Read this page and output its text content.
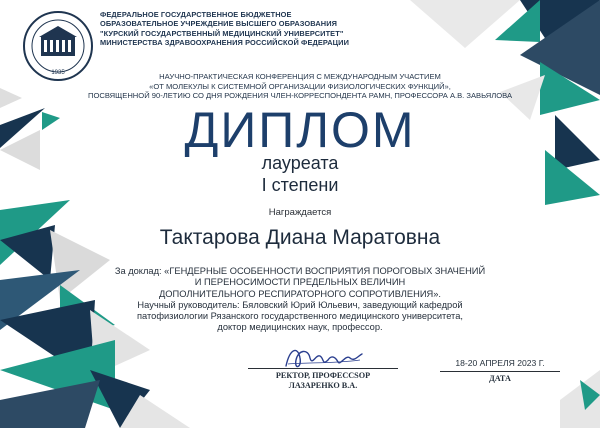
1935
ФЕДЕРАЛЬНОЕ ГОСУДАРСТВЕННОЕ БЮДЖЕТНОЕ
ОБРАЗОВАТЕЛЬНОЕ УЧРЕЖДЕНИЕ ВЫСШЕГО ОБРАЗОВАНИЯ
"КУРСКИЙ ГОСУДАРСТВЕННЫЙ МЕДИЦИНСКИЙ УНИВЕРСИТЕТ"
МИНИСТЕРСТВА ЗДРАВООХРАНЕНИЯ РОССИЙСКОЙ ФЕДЕРАЦИИ
НАУЧНО-ПРАКТИЧЕСКАЯ КОНФЕРЕНЦИЯ С МЕЖДУНАРОДНЫМ УЧАСТИЕМ
«ОТ МОЛЕКУЛЫ К СИСТЕМНОЙ ОРГАНИЗАЦИИ ФИЗИОЛОГИЧЕСКИХ ФУНКЦИЙ»,
ПОСВЯЩЕННОЙ 90-ЛЕТИЮ СО ДНЯ РОЖДЕНИЯ ЧЛЕН-КОРРЕСПОНДЕНТА РАМН, ПРОФЕССОРА А.В. ЗАВЬЯЛОВА
ДИПЛОМ
лауреата
I степени
Награждается
Тактарова Диана Маратовна
За доклад: «ГЕНДЕРНЫЕ ОСОБЕННОСТИ ВОСПРИЯТИЯ ПОРОГОВЫХ ЗНАЧЕНИЙ
И ПЕРЕНОСИМОСТИ ПРЕДЕЛЬНЫХ ВЕЛИЧИН
ДОПОЛНИТЕЛЬНОГО РЕСПИРАТОРНОГО СОПРОТИВЛЕНИЯ».
Научный руководитель: Бяловский Юрий Юльевич, заведующий кафедрой
патофизиологии Рязанского государственного медицинского университета,
доктор медицинских наук, профессор.
РЕКТОР, ПРОФЕССSОР
ЛАЗАРЕНКО В.А.
18-20 АПРЕЛЯ 2023 Г.
ДАТА
